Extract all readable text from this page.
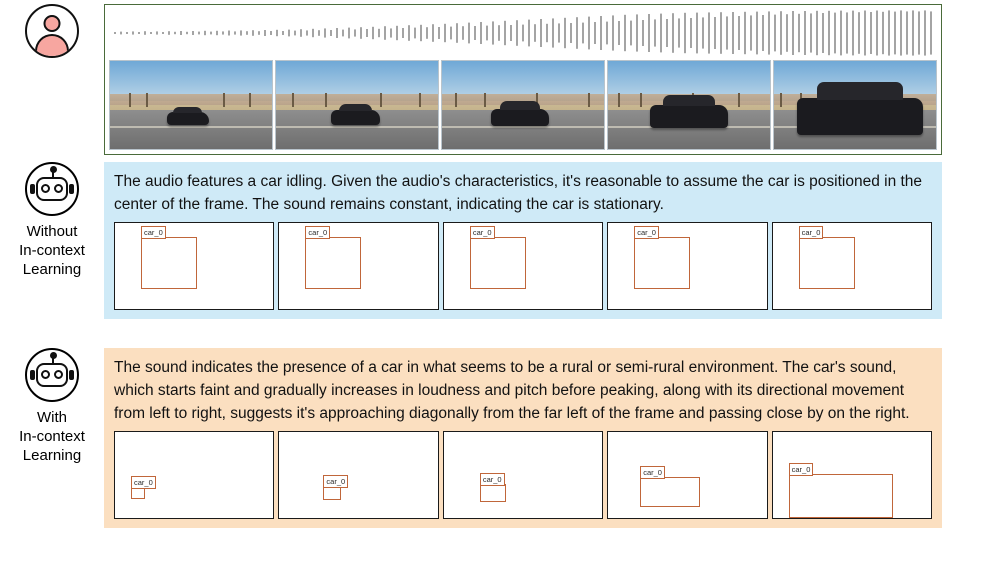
Without
In-context
Learning

The audio features a car idling. Given the audio's characteristics, it's reasonable to assume the car is positioned in the center of the frame. The sound remains constant, indicating the car is stationary.

car_0	car_0	car_0	car_0	car_0
With
In-context
Learning

The sound indicates the presence of a car in what seems to be a rural or semi-rural environment. The car's sound, which starts faint and gradually increases in loudness and pitch before peaking, along with its directional movement from left to right, suggests it's approaching diagonally from the far left of the frame and passing close by on the right.

car_0	car_0	car_0
car_0	car_0
